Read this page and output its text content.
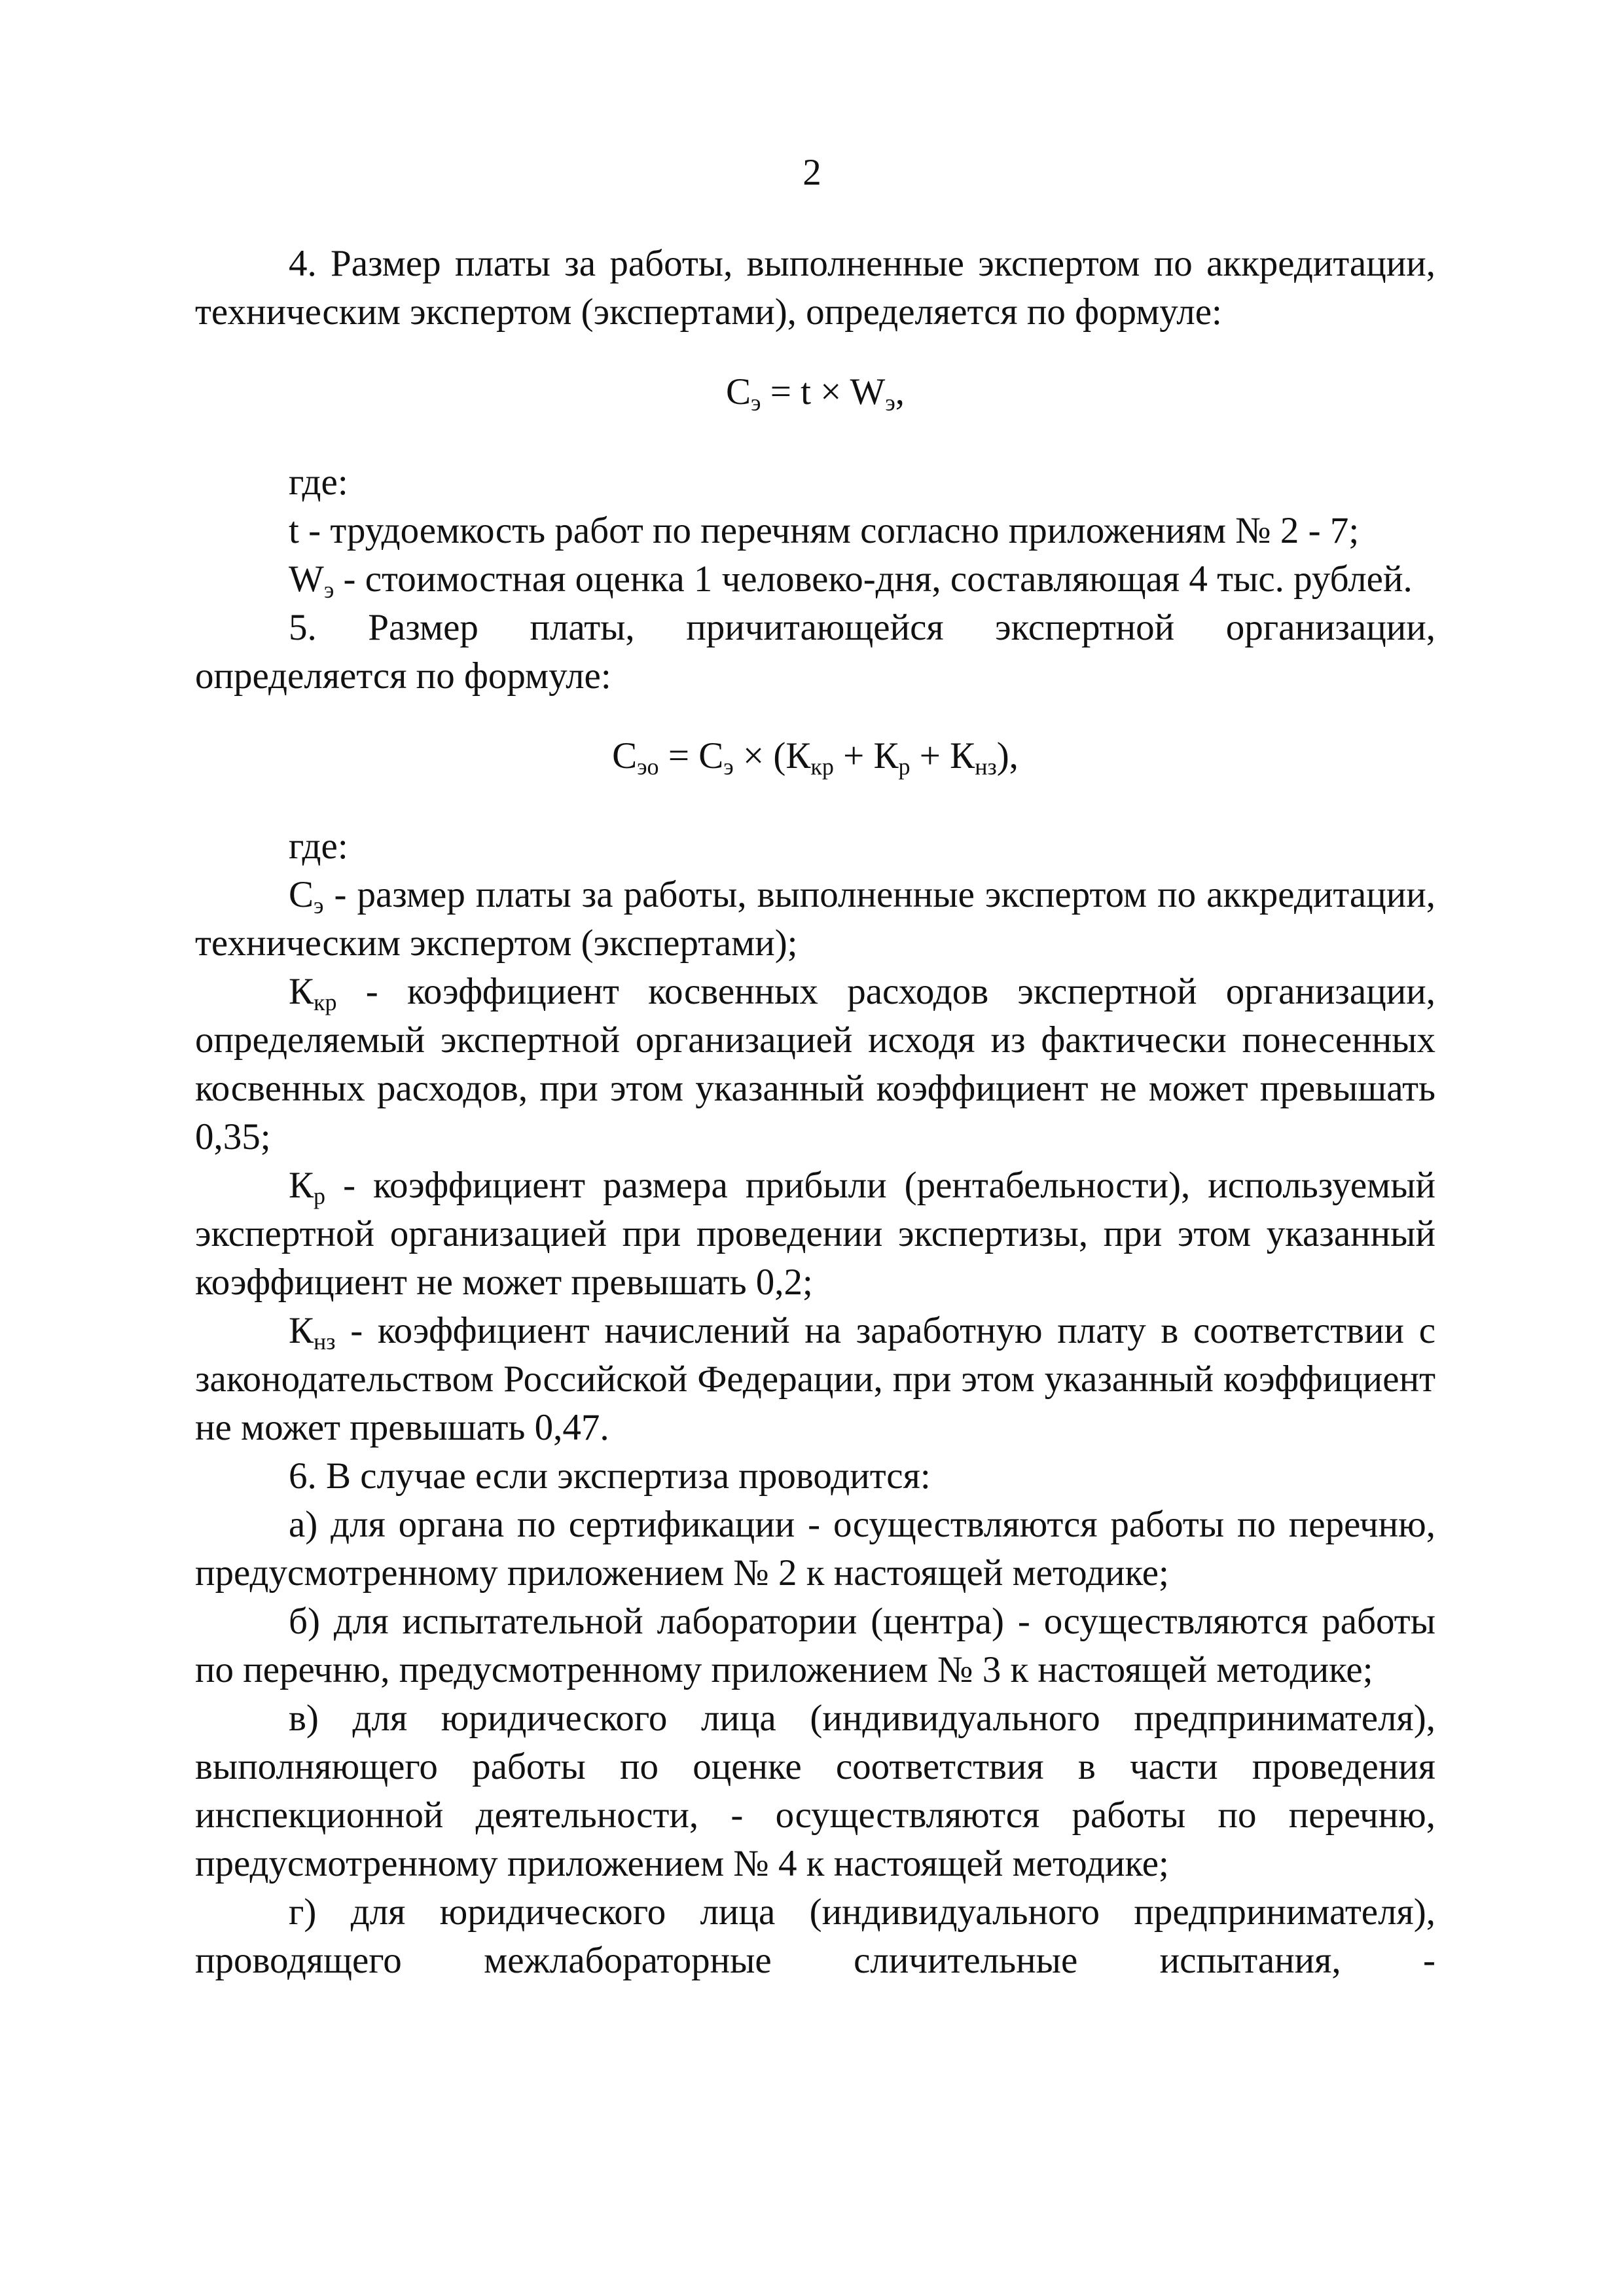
2

4. Размер платы за работы, выполненные экспертом по аккредитации, техническим экспертом (экспертами), определяется по формуле:

$С_э = t \times W_э$,

где:

t - трудоемкость работ по перечням согласно приложениям № 2 - 7;

$W_э$ - стоимостная оценка 1 человеко-дня, составляющая 4 тыс. рублей.

5. Размер платы, причитающейся экспертной организации, определяется по формуле:

$С_{эо} = С_э \times (К_{кр} + К_р + К_{нз})$,

где:

$С_э$ - размер платы за работы, выполненные экспертом по аккредитации, техническим экспертом (экспертами);

$К_{кр}$ - коэффициент косвенных расходов экспертной организации, определяемый экспертной организацией исходя из фактически понесенных косвенных расходов, при этом указанный коэффициент не может превышать 0,35;

$К_р$ - коэффициент размера прибыли (рентабельности), используемый экспертной организацией при проведении экспертизы, при этом указанный коэффициент не может превышать 0,2;

$К_{нз}$ - коэффициент начислений на заработную плату в соответствии с законодательством Российской Федерации, при этом указанный коэффициент не может превышать 0,47.

6. В случае если экспертиза проводится:

а) для органа по сертификации - осуществляются работы по перечню, предусмотренному приложением № 2 к настоящей методике;

б) для испытательной лаборатории (центра) - осуществляются работы по перечню, предусмотренному приложением № 3 к настоящей методике;

в) для юридического лица (индивидуального предпринимателя), выполняющего работы по оценке соответствия в части проведения инспекционной деятельности, - осуществляются работы по перечню, предусмотренному приложением № 4 к настоящей методике;

г) для юридического лица (индивидуального предпринимателя), проводящего межлабораторные сличительные испытания, -
